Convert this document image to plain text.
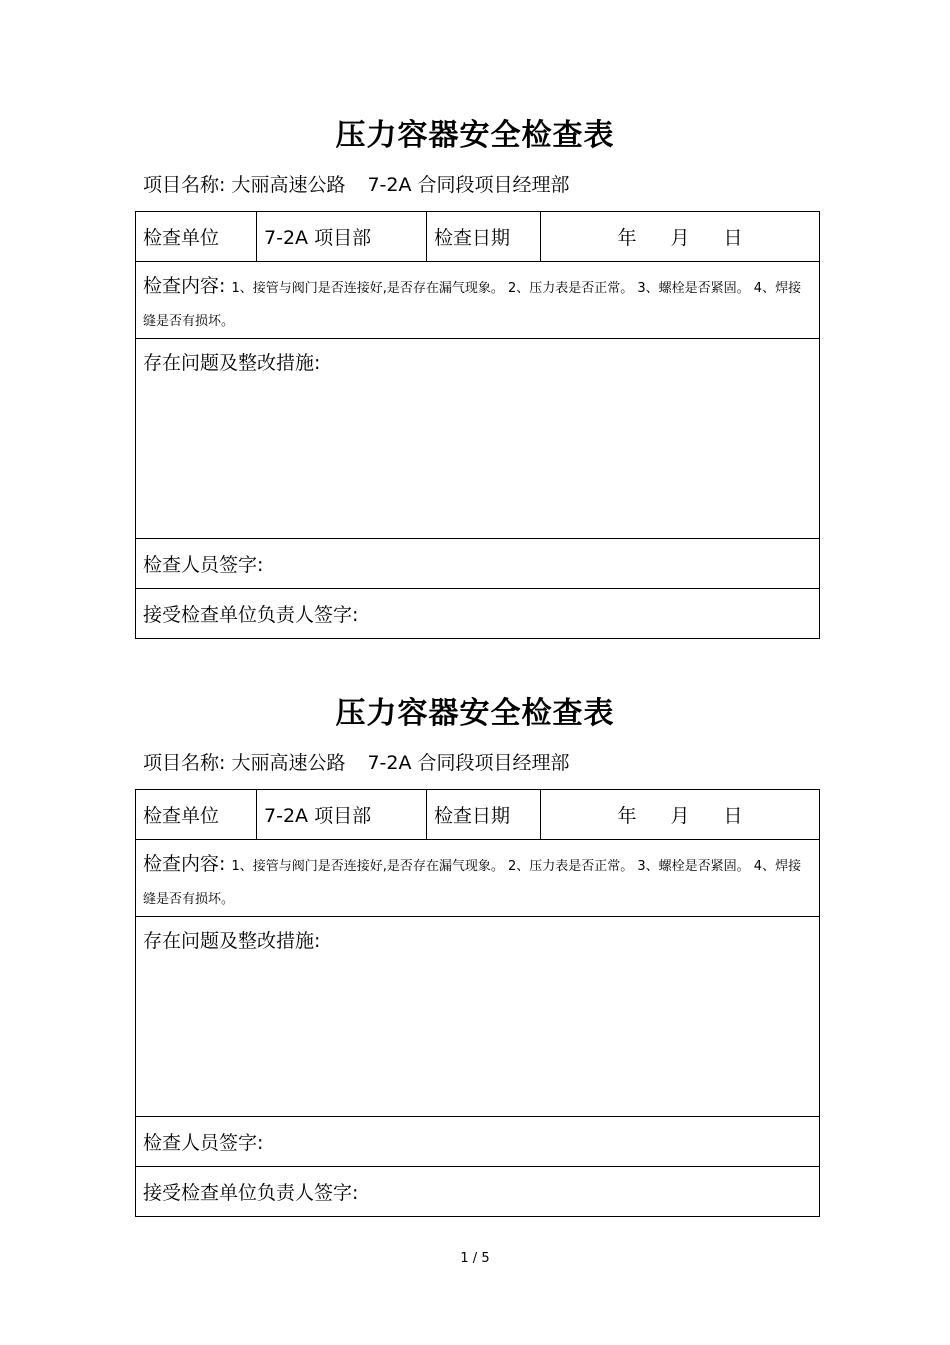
压力容器安全检查表
项目名称: 大丽高速公路 7-2A 合同段项目经理部
检查单位	7-2A 项目部	检查日期	年 月 日

检查内容: 1、接管与阀门是否连接好,是否存在漏气现象。 2、压力表是否正常。 3、螺栓是否紧固。 4、焊接缝是否有损坏。

存在问题及整改措施:

检查人员签字:
接受检查单位负责人签字:
压力容器安全检查表
项目名称: 大丽高速公路 7-2A 合同段项目经理部
检查单位	7-2A 项目部	检查日期	年 月 日

检查内容: 1、接管与阀门是否连接好,是否存在漏气现象。 2、压力表是否正常。 3、螺栓是否紧固。 4、焊接缝是否有损坏。

存在问题及整改措施:

检查人员签字:
接受检查单位负责人签字:
1 / 5
